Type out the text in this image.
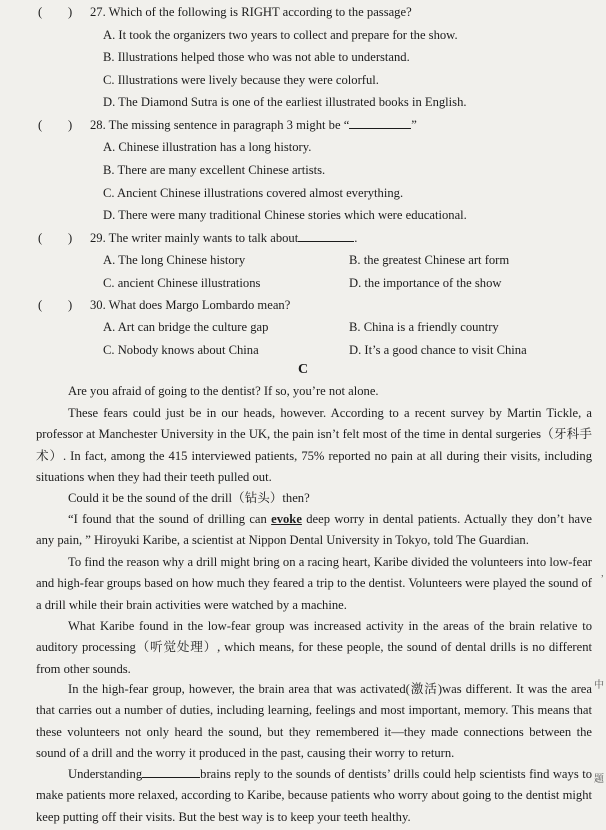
( ) 27. Which of the following is RIGHT according to the passage?
A. It took the organizers two years to collect and prepare for the show.
B. Illustrations helped those who was not able to understand.
C. Illustrations were lively because they were colorful.
D. The Diamond Sutra is one of the earliest illustrated books in English.
( ) 28. The missing sentence in paragraph 3 might be “	”
A. Chinese illustration has a long history.
B. There are many excellent Chinese artists.
C. Ancient Chinese illustrations covered almost everything.
D. There were many traditional Chinese stories which were educational.
( ) 29. The writer mainly wants to talk about	.
A. The long Chinese history	B. the greatest Chinese art form
C. ancient Chinese illustrations	D. the importance of the show
( ) 30. What does Margo Lombardo mean?
A. Art can bridge the culture gap	B. China is a friendly country
C. Nobody knows about China	D. It’s a good chance to visit China
C
Are you afraid of going to the dentist? If so, you’re not alone.
These fears could just be in our heads, however. According to a recent survey by Martin Tickle, a professor at Manchester University in the UK, the pain isn’t felt most of the time in dental surgeries（牙科手术）. In fact, among the 415 interviewed patients, 75% reported no pain at all during their visits, including situations when they had their teeth pulled out.
Could it be the sound of the drill（钻头）then?
“I found that the sound of drilling can evoke deep worry in dental patients. Actually they don’t have any pain, ” Hiroyuki Karibe, a scientist at Nippon Dental University in Tokyo, told The Guardian.
To find the reason why a drill might bring on a racing heart, Karibe divided the volunteers into low-fear and high-fear groups based on how much they feared a trip to the dentist. Volunteers were played the sound of a drill while their brain activities were watched by a machine.
What Karibe found in the low-fear group was increased activity in the areas of the brain relative to auditory processing（听觉处理）, which means, for these people, the sound of dental drills is no different from other sounds.
In the high-fear group, however, the brain area that was activated(激活)was different. It was the area that carries out a number of duties, including learning, feelings and most important, memory. This means that these volunteers not only heard the sound, but they remembered it—they made connections between the sound of a drill and the worry it produced in the past, causing their worry to return.
Understanding	brains reply to the sounds of dentists’ drills could help scientists find ways to make patients more relaxed, according to Karibe, because patients who worry about going to the dentist might keep putting off their visits. But the best way is to keep your teeth healthy.
’
中
题
